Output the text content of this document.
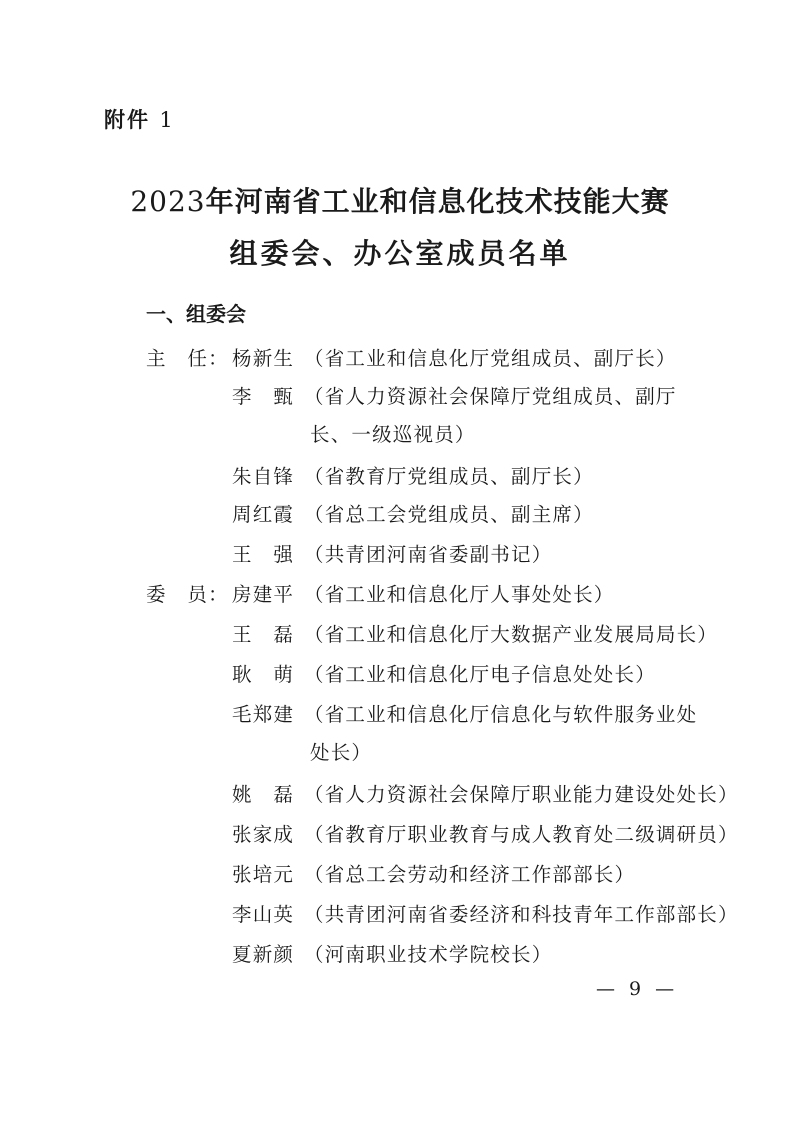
附件 1
2023年河南省工业和信息化技术技能大赛
组委会、办公室成员名单
一、组委会
主　任： 杨新生 （省工业和信息化厅党组成员、副厅长）
李　甄 （省人力资源社会保障厅党组成员、副厅
长、一级巡视员）
朱自锋 （省教育厅党组成员、副厅长）
周红霞 （省总工会党组成员、副主席）
王　强 （共青团河南省委副书记）
委　员： 房建平 （省工业和信息化厅人事处处长）
王　磊 （省工业和信息化厅大数据产业发展局局长）
耿　萌 （省工业和信息化厅电子信息处处长）
毛郑建 （省工业和信息化厅信息化与软件服务业处
处长）
姚　磊 （省人力资源社会保障厅职业能力建设处处长）
张家成 （省教育厅职业教育与成人教育处二级调研员）
张培元 （省总工会劳动和经济工作部部长）
李山英 （共青团河南省委经济和科技青年工作部部长）
夏新颜 （河南职业技术学院校长）
— 9 —
